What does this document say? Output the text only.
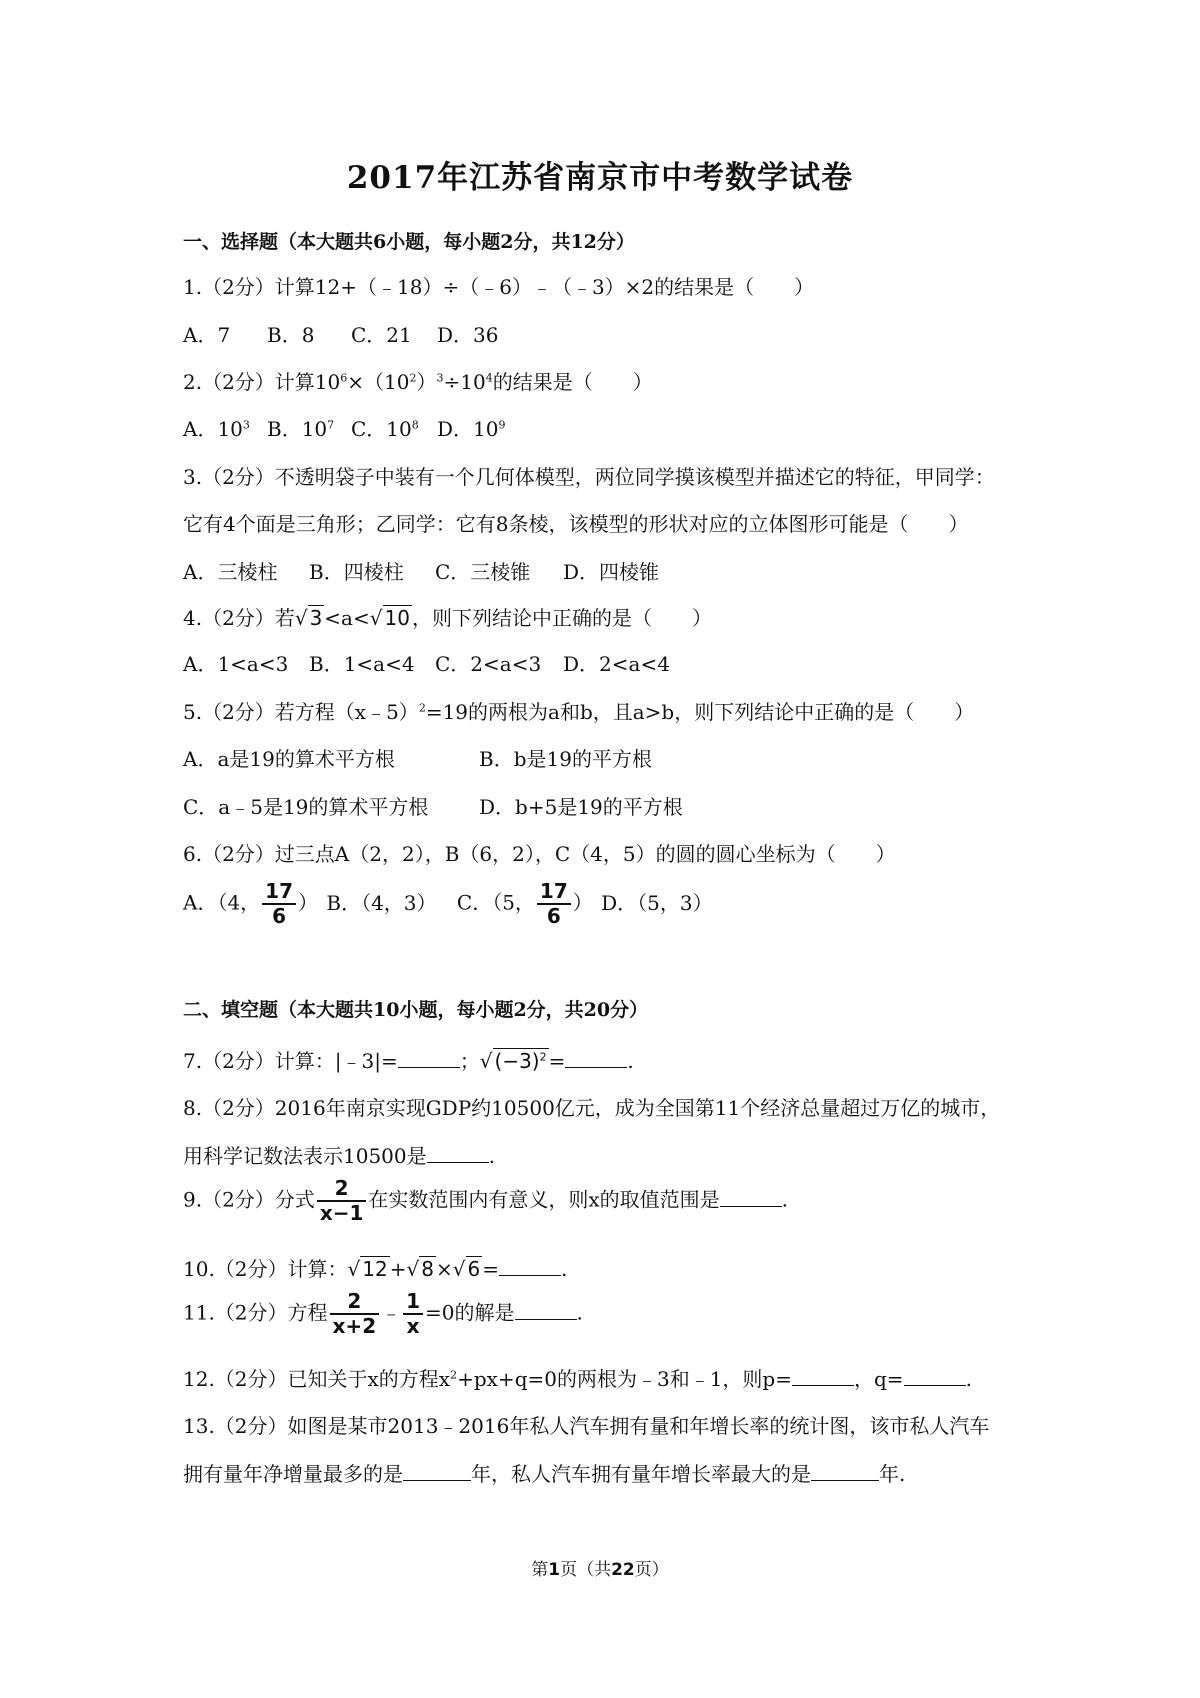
2017年江苏省南京市中考数学试卷
一、选择题（本大题共6小题，每小题2分，共12分）
1.（2分）计算12+（﹣18）÷（﹣6）﹣（﹣3）×2的结果是（　　）
A．7 B．8 C．21 D．36
2.（2分）计算$10^6\times(10^2)^3\div 10^4$的结果是（　　）
A．$10^3$ B．$10^7$ C．$10^8$ D．$10^9$
3.（2分）不透明袋子中装有一个几何体模型，两位同学摸该模型并描述它的特征，甲同学：
它有4个面是三角形；乙同学：它有8条棱，该模型的形状对应的立体图形可能是（　　）
A．三棱柱 B．四棱柱 C．三棱锥 D．四棱锥
4.（2分）若√ 3 <a<√ 10 ，则下列结论中正确的是（　　）
A．1<a<3 B．1<a<4 C．2<a<3 D．2<a<4
5.（2分）若方程（x﹣5）$^2$=19的两根为a和b，且a>b，则下列结论中正确的是（　　）
A．a是19的算术平方根	B．b是19的平方根
C．a﹣5是19的算术平方根	D．b+5是19的平方根
6.（2分）过三点A（2，2），B（6，2），C（4，5）的圆的圆心坐标为（　　）
A．（4， $\frac{17}{6}$ ） B．（4，3） C．（5， $\frac{17}{6}$ ） D．（5，3）
二、填空题（本大题共10小题，每小题2分，共20分）
7.（2分）计算：|﹣3|=	；√ $(-3)^2$ =	.
8.（2分）2016年南京实现GDP约10500亿元，成为全国第11个经济总量超过万亿的城市，
用科学记数法表示10500是	.
9.（2分）分式 $\frac{2}{x-1}$ 在实数范围内有意义，则x的取值范围是	.
10.（2分）计算：√ 12 +√ 8 ×√ 6 =	.
11.（2分）方程 $\frac{2}{x+2}$ ﹣ $\frac{1}{x} =0$的解是	.
12.（2分）已知关于x的方程$x^2+px+q=0$的两根为﹣3和﹣1，则p=	，q=	.
13.（2分）如图是某市2013﹣2016年私人汽车拥有量和年增长率的统计图，该市私人汽车
拥有量年净增量最多的是	年，私人汽车拥有量年增长率最大的是	年.
第1页（共22页）
